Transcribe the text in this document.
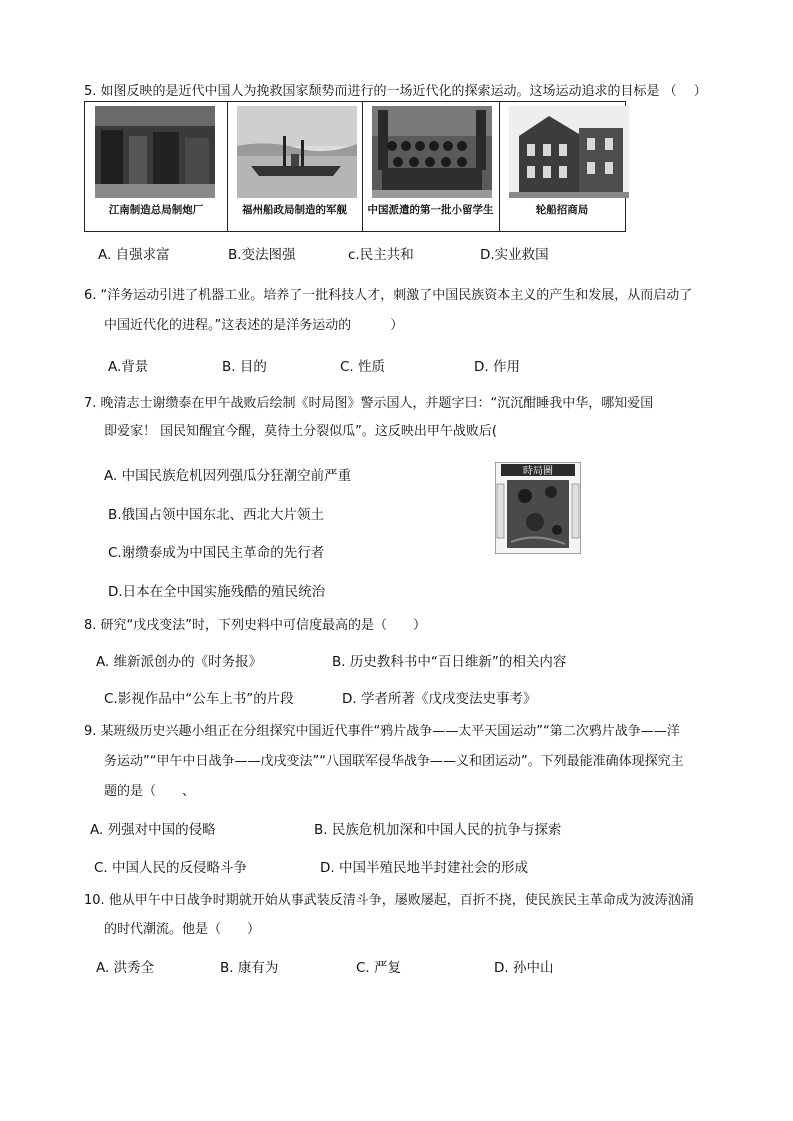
5. 如图反映的是近代中国人为挽救国家颓势而进行的一场近代化的探索运动。这场运动追求的目标是 （　 ）
江南制造总局制炮厂	福州船政局制造的军舰	中国派遣的第一批小留学生	轮船招商局
A. 自强求富	B.变法图强	c.民主共和	D.实业救国
6. “洋务运动引进了机器工业。培养了一批科技人才，刺激了中国民族资本主义的产生和发展，从而启动了
中国近代化的进程。”这表述的是洋务运动的　　　）
A.背景	B. 目的	C. 性质	D. 作用
7. 晚清志士谢缵泰在甲午战败后绘制《时局图》警示国人，并题字曰：“沉沉酣睡我中华，哪知爱国
即爱家！ 国民知醒宜今醒，莫待土分裂似瓜”。这反映出甲午战败后(
A. 中国民族危机因列强瓜分狂潮空前严重
B.俄国占领中国东北、西北大片领土
C.谢缵泰成为中国民主革命的先行者
D.日本在全中国实施残酷的殖民统治
時局圖
8. 研究“戊戌变法”时，下列史料中可信度最高的是（　　）
A. 维新派创办的《时务报》	B. 历史教科书中“百日维新”的相关内容
C.影视作品中“公车上书”的片段	D. 学者所著《戊戌变法史事考》
9. 某班级历史兴趣小组正在分组探究中国近代事件“鸦片战争——太平天国运动”“第二次鸦片战争——洋
务运动”“甲午中日战争——戊戌变法”“八国联军侵华战争——义和团运动”。下列最能准确体现探究主
题的是（　　、
A. 列强对中国的侵略	B. 民族危机加深和中国人民的抗争与探索
C. 中国人民的反侵略斗争	D. 中国半殖民地半封建社会的形成
10. 他从甲午中日战争时期就开始从事武装反清斗争，屡败屡起，百折不挠，使民族民主革命成为波涛汹涌
的时代潮流。他是（　　）
A. 洪秀全	B. 康有为	C. 严复	D. 孙中山
